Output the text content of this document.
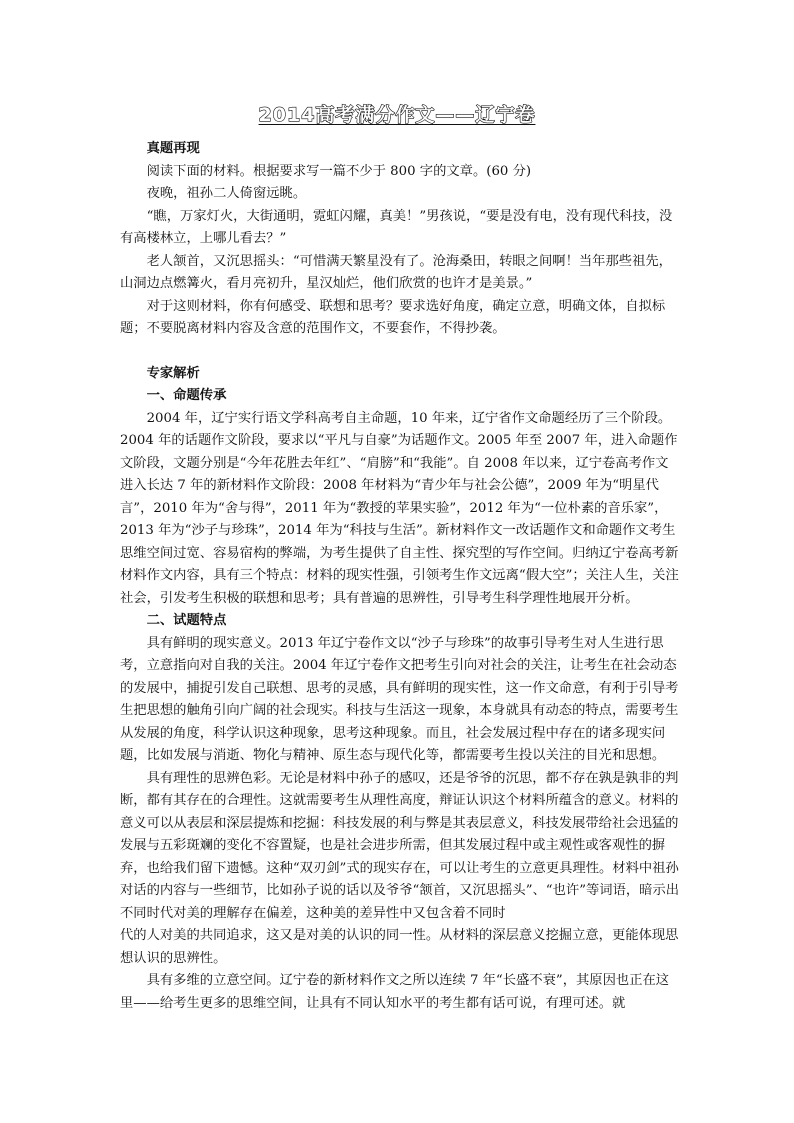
2014高考满分作文——辽宁卷

真题再现

阅读下面的材料。根据要求写一篇不少于 800 字的文章。(60 分)

夜晚，祖孙二人倚窗远眺。

“瞧，万家灯火，大街通明，霓虹闪耀，真美！”男孩说，“要是没有电，没有现代科技，没有高楼林立，上哪儿看去？”

老人颔首，又沉思摇头：“可惜满天繁星没有了。沧海桑田，转眼之间啊！当年那些祖先，山洞边点燃篝火，看月亮初升，星汉灿烂，他们欣赏的也许才是美景。”

对于这则材料，你有何感受、联想和思考？要求选好角度，确定立意，明确文体，自拟标题；不要脱离材料内容及含意的范围作文，不要套作，不得抄袭。

专家解析

一、命题传承

2004 年，辽宁实行语文学科高考自主命题，10 年来，辽宁省作文命题经历了三个阶段。2004 年的话题作文阶段，要求以“平凡与自豪”为话题作文。2005 年至 2007 年，进入命题作文阶段，文题分别是“今年花胜去年红”、“肩膀”和“我能”。自 2008 年以来，辽宁卷高考作文进入长达 7 年的新材料作文阶段：2008 年材料为“青少年与社会公德”，2009 年为“明星代言”，2010 年为“舍与得”，2011 年为“教授的苹果实验”，2012 年为“一位朴素的音乐家”，2013 年为“沙子与珍珠”，2014 年为“科技与生活”。新材料作文一改话题作文和命题作文考生思维空间过宽、容易宿构的弊端，为考生提供了自主性、探究型的写作空间。归纳辽宁卷高考新材料作文内容，具有三个特点：材料的现实性强，引领考生作文远离“假大空”；关注人生，关注社会，引发考生积极的联想和思考；具有普遍的思辨性，引导考生科学理性地展开分析。

二、试题特点

具有鲜明的现实意义。2013 年辽宁卷作文以“沙子与珍珠”的故事引导考生对人生进行思考，立意指向对自我的关注。2004 年辽宁卷作文把考生引向对社会的关注，让考生在社会动态的发展中，捕捉引发自己联想、思考的灵感，具有鲜明的现实性，这一作文命意，有利于引导考生把思想的触角引向广阔的社会现实。科技与生活这一现象，本身就具有动态的特点，需要考生从发展的角度，科学认识这种现象，思考这种现象。而且，社会发展过程中存在的诸多现实问题，比如发展与消逝、物化与精神、原生态与现代化等，都需要考生投以关注的目光和思想。

具有理性的思辨色彩。无论是材料中孙子的感叹，还是爷爷的沉思，都不存在孰是孰非的判断，都有其存在的合理性。这就需要考生从理性高度，辩证认识这个材料所蕴含的意义。材料的意义可以从表层和深层提炼和挖掘：科技发展的利与弊是其表层意义，科技发展带给社会迅猛的发展与五彩斑斓的变化不容置疑，也是社会进步所需，但其发展过程中或主观性或客观性的摒弃，也给我们留下遗憾。这种“双刃剑”式的现实存在，可以让考生的立意更具理性。材料中祖孙对话的内容与一些细节，比如孙子说的话以及爷爷“颔首，又沉思摇头”、“也许”等词语，暗示出不同时代对美的理解存在偏差，这种美的差异性中又包含着不同时

代的人对美的共同追求，这又是对美的认识的同一性。从材料的深层意义挖掘立意，更能体现思想认识的思辨性。

具有多维的立意空间。辽宁卷的新材料作文之所以连续 7 年“长盛不衰”，其原因也正在这里——给考生更多的思维空间，让具有不同认知水平的考生都有话可说，有理可述。就
